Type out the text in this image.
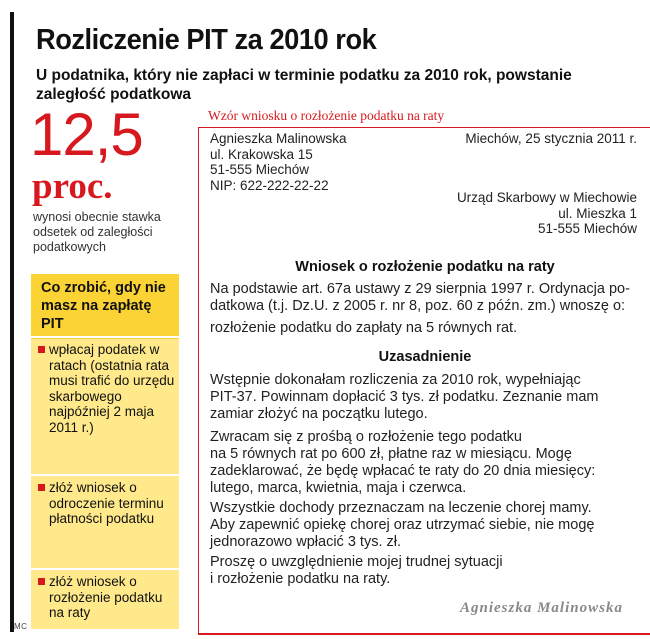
Rozliczenie PIT za 2010 rok
U podatnika, który nie zapłaci w terminie podatku za 2010 rok, powstanie zaległość podatkowa
12,5
proc.
wynosi obecnie stawka odsetek od zaległości podatkowych
Co zrobić, gdy nie masz na zapłatę PIT
wpłacaj podatek w ratach (ostatnia rata musi trafić do urzędu skarbowego najpóźniej 2 maja 2011 r.)
złóż wniosek o odroczenie terminu płatności podatku
złóż wniosek o rozłożenie podatku na raty
MC
Wzór wniosku o rozłożenie podatku na raty
Agnieszka Malinowska
ul. Krakowska 15
51-555 Miechów
NIP: 622-222-22-22
Miechów, 25 stycznia 2011 r.
Urząd Skarbowy w Miechowie
ul. Mieszka 1
51-555 Miechów
Wniosek o rozłożenie podatku na raty
Na podstawie art. 67a ustawy z 29 sierpnia 1997 r. Ordynacja po-
datkowa (t.j. Dz.U. z 2005 r. nr 8, poz. 60 z późn. zm.) wnoszę o:
rozłożenie podatku do zapłaty na 5 równych rat.
Uzasadnienie
Wstępnie dokonałam rozliczenia za 2010 rok, wypełniając
PIT-37. Powinnam dopłacić 3 tys. zł podatku. Zeznanie mam
zamiar złożyć na początku lutego.
Zwracam się z prośbą o rozłożenie tego podatku
na 5 równych rat po 600 zł, płatne raz w miesiącu. Mogę
zadeklarować, że będę wpłacać te raty do 20 dnia miesięcy:
lutego, marca, kwietnia, maja i czerwca.
Wszystkie dochody przeznaczam na leczenie chorej mamy.
Aby zapewnić opiekę chorej oraz utrzymać siebie, nie mogę
jednorazowo wpłacić 3 tys. zł.
Proszę o uwzględnienie mojej trudnej sytuacji
i rozłożenie podatku na raty.
Agnieszka Malinowska
